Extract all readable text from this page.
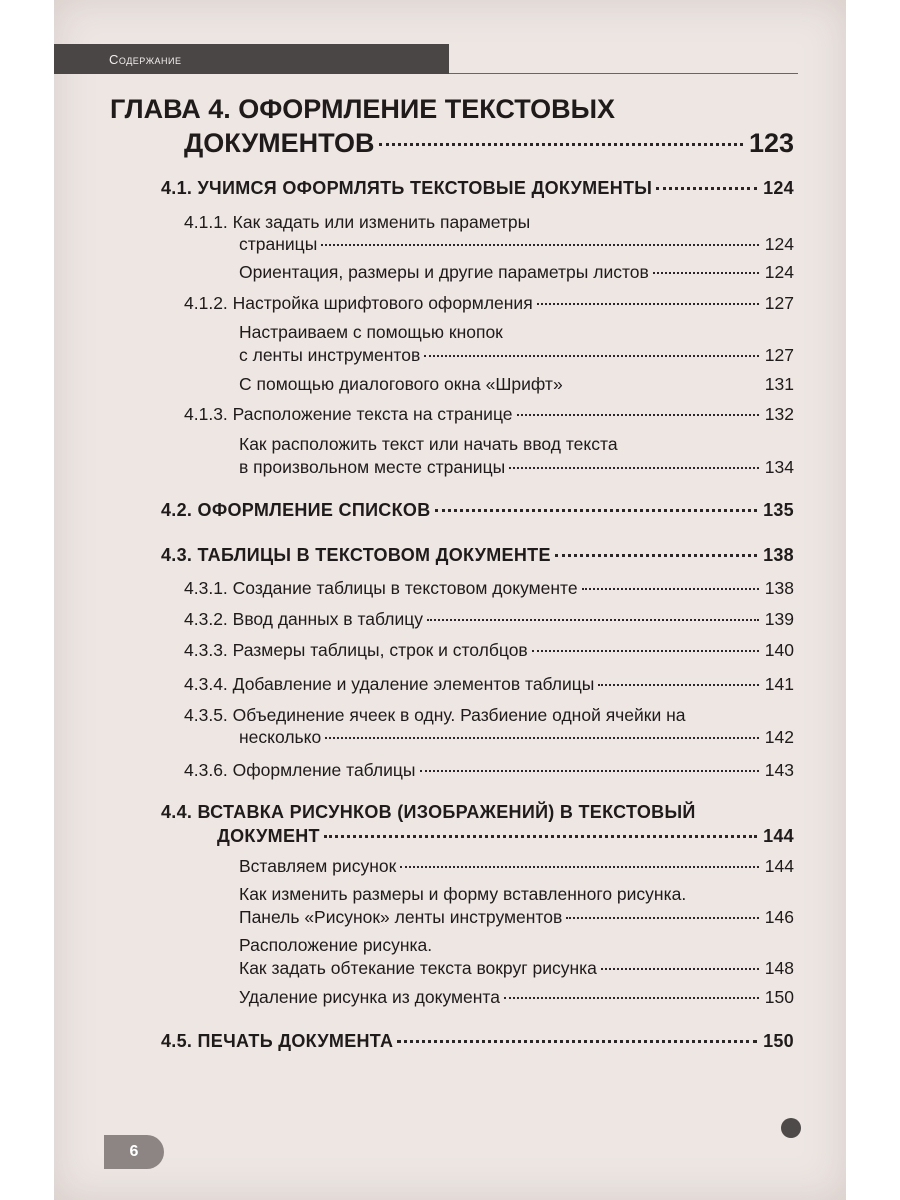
Содержание
ГЛАВА 4. ОФОРМЛЕНИЕ ТЕКСТОВЫХ
ДОКУМЕНТОВ	123
4.1. УЧИМСЯ ОФОРМЛЯТЬ ТЕКСТОВЫЕ ДОКУМЕНТЫ	124
4.1.1. Как задать или изменить параметры
страницы	124
Ориентация, размеры и другие параметры листов	124
4.1.2. Настройка шрифтового оформления	127
Настраиваем с помощью кнопок
с ленты инструментов	127
С помощью диалогового окна «Шрифт»	131
4.1.3. Расположение текста на странице	132
Как расположить текст или начать ввод текста
в произвольном месте страницы	134
4.2. ОФОРМЛЕНИЕ СПИСКОВ	135
4.3. ТАБЛИЦЫ В ТЕКСТОВОМ ДОКУМЕНТЕ	138
4.3.1. Создание таблицы в текстовом документе	138
4.3.2. Ввод данных в таблицу	139
4.3.3. Размеры таблицы, строк и столбцов	140
4.3.4. Добавление и удаление элементов таблицы	141
4.3.5. Объединение ячеек в одну. Разбиение одной ячейки на
несколько	142
4.3.6. Оформление таблицы	143
4.4. ВСТАВКА РИСУНКОВ (ИЗОБРАЖЕНИЙ) В ТЕКСТОВЫЙ
ДОКУМЕНТ	144
Вставляем рисунок	144
Как изменить размеры и форму вставленного рисунка.
Панель «Рисунок» ленты инструментов	146
Расположение рисунка.
Как задать обтекание текста вокруг рисунка	148
Удаление рисунка из документа	150
4.5. ПЕЧАТЬ ДОКУМЕНТА	150
6
